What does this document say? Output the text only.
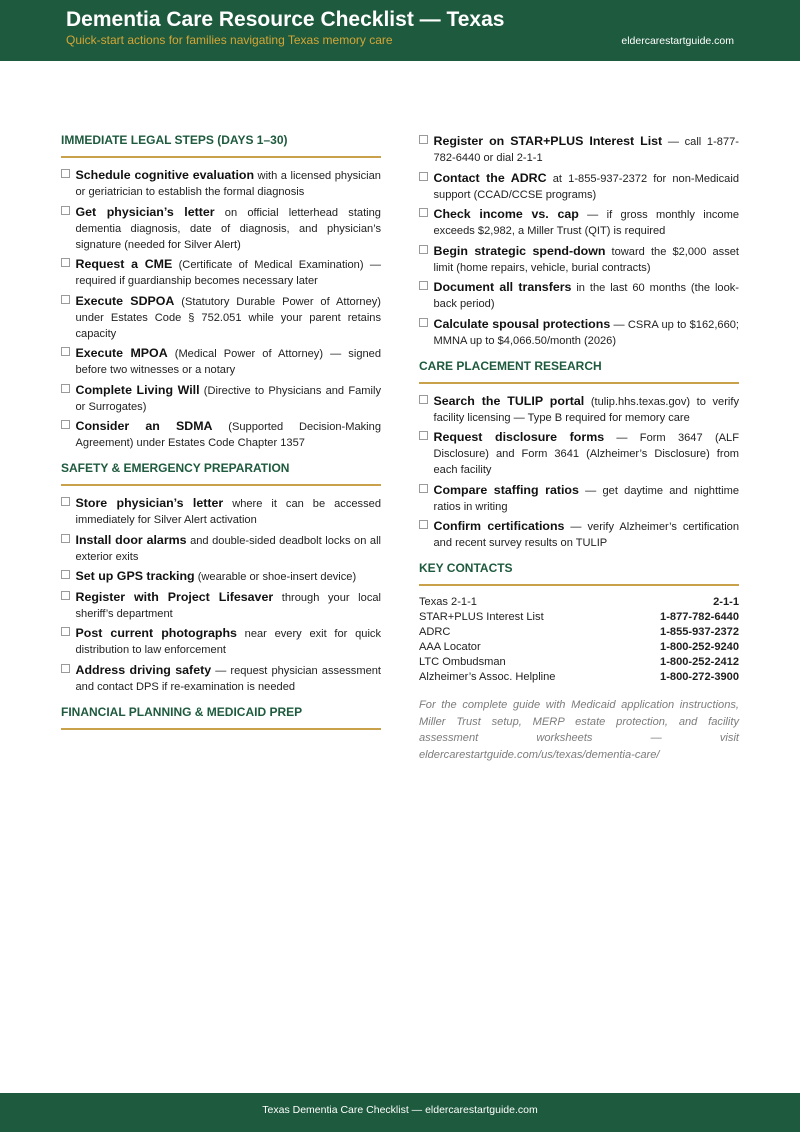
Dementia Care Resource Checklist — Texas
Quick-start actions for families navigating Texas memory care	eldercarestartguide.com
IMMEDIATE LEGAL STEPS (DAYS 1–30)
Schedule cognitive evaluation with a licensed physician or geriatrician to establish the formal diagnosis
Get physician’s letter on official letterhead stating dementia diagnosis, date of diagnosis, and physician’s signature (needed for Silver Alert)
Request a CME (Certificate of Medical Examination) — required if guardianship becomes necessary later
Execute SDPOA (Statutory Durable Power of Attorney) under Estates Code § 752.051 while your parent retains capacity
Execute MPOA (Medical Power of Attorney) — signed before two witnesses or a notary
Complete Living Will (Directive to Physicians and Family or Surrogates)
Consider an SDMA (Supported Decision-Making Agreement) under Estates Code Chapter 1357
SAFETY & EMERGENCY PREPARATION
Store physician’s letter where it can be accessed immediately for Silver Alert activation
Install door alarms and double-sided deadbolt locks on all exterior exits
Set up GPS tracking (wearable or shoe-insert device)
Register with Project Lifesaver through your local sheriff’s department
Post current photographs near every exit for quick distribution to law enforcement
Address driving safety — request physician assessment and contact DPS if re-examination is needed
FINANCIAL PLANNING & MEDICAID PREP
Register on STAR+PLUS Interest List — call 1-877-782-6440 or dial 2-1-1
Contact the ADRC at 1-855-937-2372 for non-Medicaid support (CCAD/CCSE programs)
Check income vs. cap — if gross monthly income exceeds $2,982, a Miller Trust (QIT) is required
Begin strategic spend-down toward the $2,000 asset limit (home repairs, vehicle, burial contracts)
Document all transfers in the last 60 months (the look-back period)
Calculate spousal protections — CSRA up to $162,660; MMNA up to $4,066.50/month (2026)
CARE PLACEMENT RESEARCH
Search the TULIP portal (tulip.hhs.texas.gov) to verify facility licensing — Type B required for memory care
Request disclosure forms — Form 3647 (ALF Disclosure) and Form 3641 (Alzheimer’s Disclosure) from each facility
Compare staffing ratios — get daytime and nighttime ratios in writing
Confirm certifications — verify Alzheimer’s certification and recent survey results on TULIP
KEY CONTACTS
Texas 2-1-1	2-1-1
STAR+PLUS Interest List	1-877-782-6440
ADRC	1-855-937-2372
AAA Locator	1-800-252-9240
LTC Ombudsman	1-800-252-2412
Alzheimer’s Assoc. Helpline	1-800-272-3900
For the complete guide with Medicaid application instructions, Miller Trust setup, MERP estate protection, and facility assessment worksheets — visit eldercarestartguide.com/us/texas/dementia-care/
Texas Dementia Care Checklist — eldercarestartguide.com
